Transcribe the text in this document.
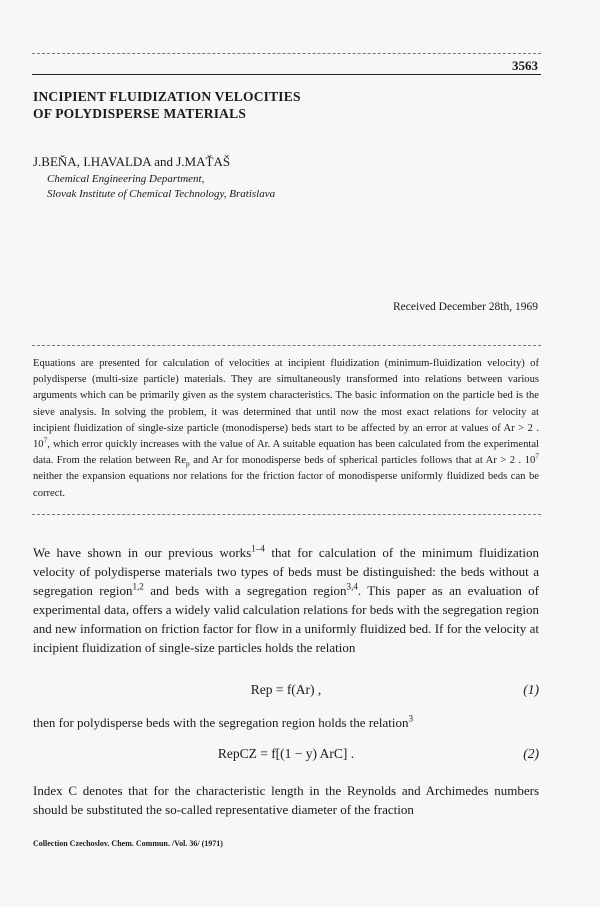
3563
INCIPIENT FLUIDIZATION VELOCITIES
OF POLYDISPERSE MATERIALS
J.BEŇA, I.HAVALDA and J.MAŤAŠ
Chemical Engineering Department,
Slovak Institute of Chemical Technology, Bratislava
Received December 28th, 1969

Equations are presented for calculation of velocities at incipient fluidization (minimum-fluidization velocity) of polydisperse (multi-size particle) materials. They are simultaneously transformed into relations between various arguments which can be primarily given as the system characteristics. The basic information on the particle bed is the sieve analysis. In solving the problem, it was determined that until now the most exact relations for velocity at incipient fluidization of single-size particle (monodisperse) beds start to be affected by an error at values of Ar > 2 . $10^7$, which error quickly increases with the value of Ar. A suitable equation has been calculated from the experimental data. From the relation between $Re_p$ and Ar for monodisperse beds of spherical particles follows that at Ar > 2 . $10^7$ neither the expansion equations nor relations for the friction factor of monodisperse uniformly fluidized beds can be correct.

We have shown in our previous works$^{1-4}$ that for calculation of the minimum fluidization velocity of polydisperse materials two types of beds must be distinguished: the beds without a segregation region$^{1,2}$ and beds with a segregation region$^{3,4}$. This paper as an evaluation of experimental data, offers a widely valid calculation relations for beds with the segregation region and new information on friction factor for flow in a uniformly fluidized bed. If for the velocity at incipient fluidization of single-size particles holds the relation

Rep = f(Ar) ,	(1)
then for polydisperse beds with the segregation region holds the relation$^3$
RepCZ = f[(1 − y) ArC] .	(2)
Index C denotes that for the characteristic length in the Reynolds and Archimedes numbers should be substituted the so-called representative diameter of the fraction
Collection Czechoslov. Chem. Commun. /Vol. 36/ (1971)
